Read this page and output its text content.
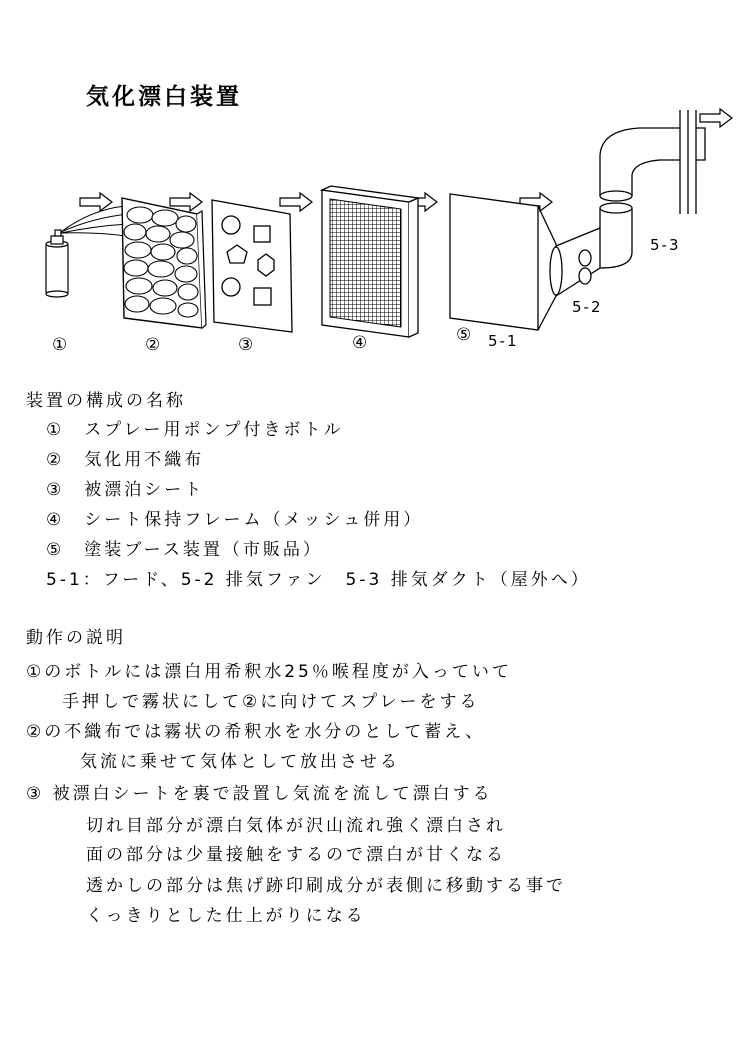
気化漂白装置
①	②	③	④	⑤ 5-1
5-2
5-3

装置の構成の名称

①　スプレー用ポンプ付きボトル

②　気化用不織布

③　被漂泊シート

④　シート保持フレーム（メッシュ併用）

⑤　塗装ブース装置（市販品）

5-1：フード、5-2 排気ファン　5-3 排気ダクト（屋外へ）

動作の説明

①のボトルには漂白用希釈水25％喉程度が入っていて

手押しで霧状にして②に向けてスプレーをする

②の不織布では霧状の希釈水を水分のとして蓄え、

気流に乗せて気体として放出させる

③ 被漂白シートを裏で設置し気流を流して漂白する

切れ目部分が漂白気体が沢山流れ強く漂白され

面の部分は少量接触をするので漂白が甘くなる

透かしの部分は焦げ跡印刷成分が表側に移動する事で

くっきりとした仕上がりになる
